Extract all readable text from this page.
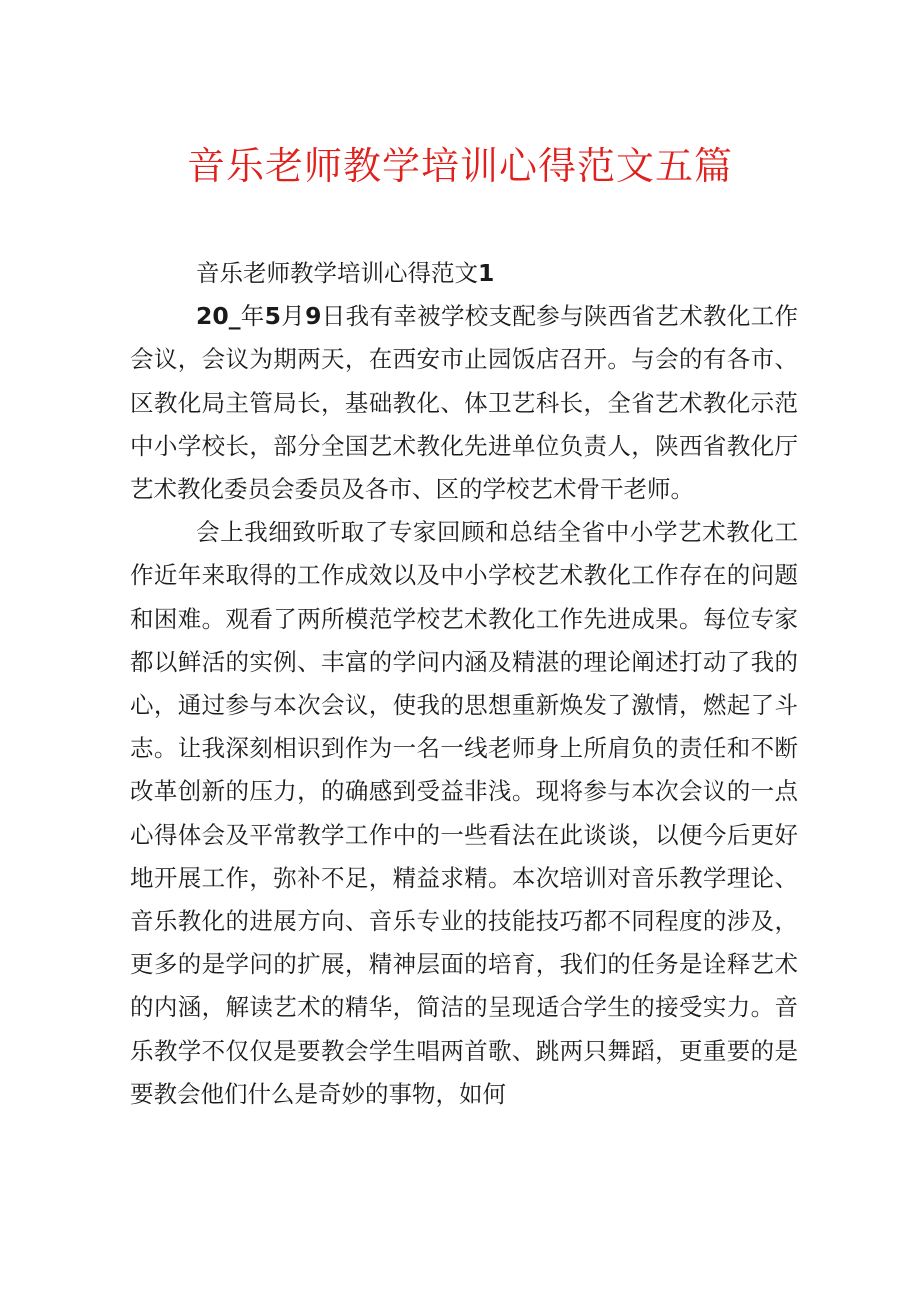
音乐老师教学培训心得范文五篇
音乐老师教学培训心得范文1

20_年5月9日我有幸被学校支配参与陕西省艺术教化工作会议，会议为期两天，在西安市止园饭店召开。与会的有各市、区教化局主管局长，基础教化、体卫艺科长，全省艺术教化示范中小学校长，部分全国艺术教化先进单位负责人，陕西省教化厅艺术教化委员会委员及各市、区的学校艺术骨干老师。

会上我细致听取了专家回顾和总结全省中小学艺术教化工作近年来取得的工作成效以及中小学校艺术教化工作存在的问题和困难。观看了两所模范学校艺术教化工作先进成果。每位专家都以鲜活的实例、丰富的学问内涵及精湛的理论阐述打动了我的心，通过参与本次会议，使我的思想重新焕发了激情，燃起了斗志。让我深刻相识到作为一名一线老师身上所肩负的责任和不断改革创新的压力，的确感到受益非浅。现将参与本次会议的一点心得体会及平常教学工作中的一些看法在此谈谈，以便今后更好地开展工作，弥补不足，精益求精。本次培训对音乐教学理论、音乐教化的进展方向、音乐专业的技能技巧都不同程度的涉及，更多的是学问的扩展，精神层面的培育，我们的任务是诠释艺术的内涵，解读艺术的精华，简洁的呈现适合学生的接受实力。音乐教学不仅仅是要教会学生唱两首歌、跳两只舞蹈，更重要的是要教会他们什么是奇妙的事物，如何
